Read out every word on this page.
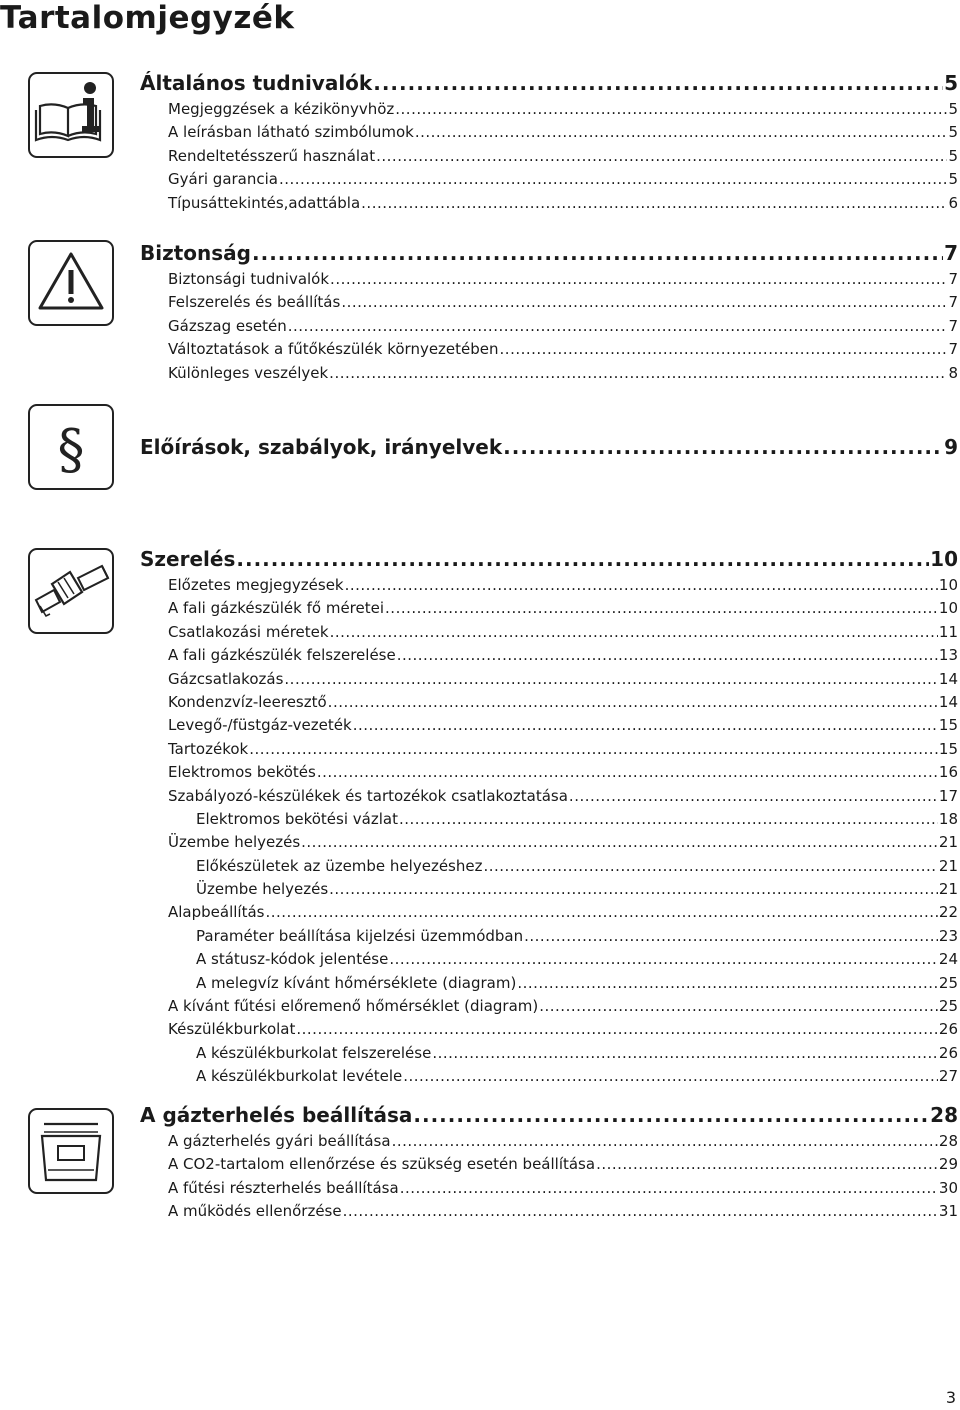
Tartalomjegyzék
Általános tudnivalók .....	5
Megjeggzések a kézikönyvhöz .....	5
A leírásban látható szimbólumok .....	5
Rendeltetésszerű használat .....	5
Gyári garancia .....	5
Típusáttekintés,adattábla .....	6
Biztonság .....	7
Biztonsági tudnivalók .....	7
Felszerelés és beállítás .....	7
Gázszag esetén .....	7
Változtatások a fűtőkészülék környezetében .....	7
Különleges veszélyek .....	8
§	Előírások, szabályok, irányelvek .....	9
Szerelés .....	10
Előzetes megjegyzések .....	10
A fali gázkészülék fő méretei .....	10
Csatlakozási méretek .....	11
A fali gázkészülék felszerelése .....	13
Gázcsatlakozás .....	14
Kondenzvíz-leeresztő .....	14
Levegő-/füstgáz-vezeték .....	15
Tartozékok .....	15
Elektromos bekötés .....	16
Szabályozó-készülékek és tartozékok csatlakoztatása .....	17
Elektromos bekötési vázlat .....	18
Üzembe helyezés .....	21
Előkészületek az üzembe helyezéshez .....	21
Üzembe helyezés .....	21
Alapbeállítás .....	22
Paraméter beállítása kijelzési üzemmódban .....	23
A státusz-kódok jelentése .....	24
A melegvíz kívánt hőmérséklete (diagram) .....	25
A kívánt fűtési előremenő hőmérséklet (diagram) .....	25
Készülékburkolat .....	26
A készülékburkolat felszerelése .....	26
A készülékburkolat levétele .....	27
A gázterhelés beállítása .....	28
A gázterhelés gyári beállítása .....	28
A CO2-tartalom ellenőrzése és szükség esetén beállítása .....	29
A fűtési részterhelés beállítása .....	30
A működés ellenőrzése .....	31
3
